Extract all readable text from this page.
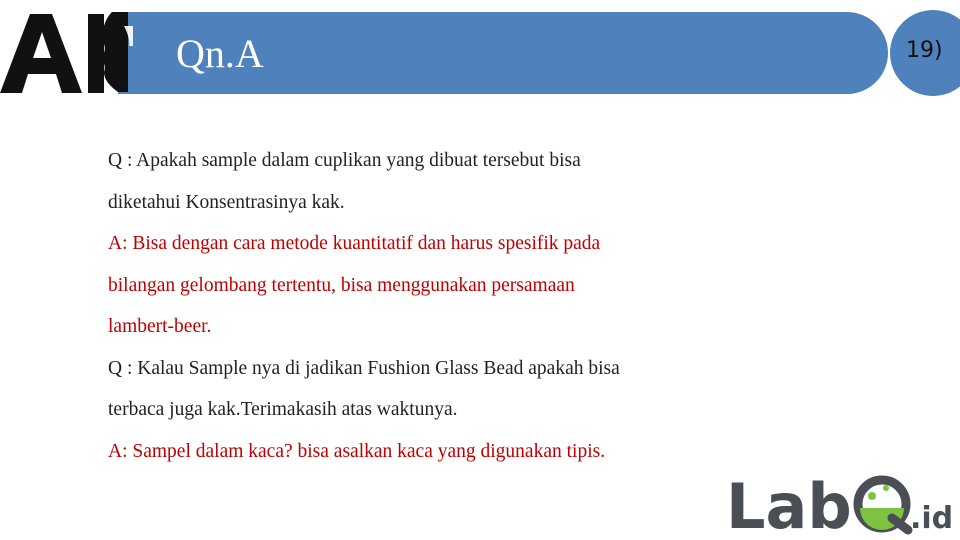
Qn.A	19)

Q : Apakah sample dalam cuplikan yang dibuat tersebut bisa

diketahui Konsentrasinya kak.

A: Bisa dengan cara metode kuantitatif dan harus spesifik pada

bilangan gelombang tertentu, bisa menggunakan persamaan

lambert-beer.

Q : Kalau Sample nya di jadikan Fushion Glass Bead apakah bisa

terbaca juga kak.Terimakasih atas waktunya.

A: Sampel dalam kaca? bisa asalkan kaca yang digunakan tipis.

Lab .id
